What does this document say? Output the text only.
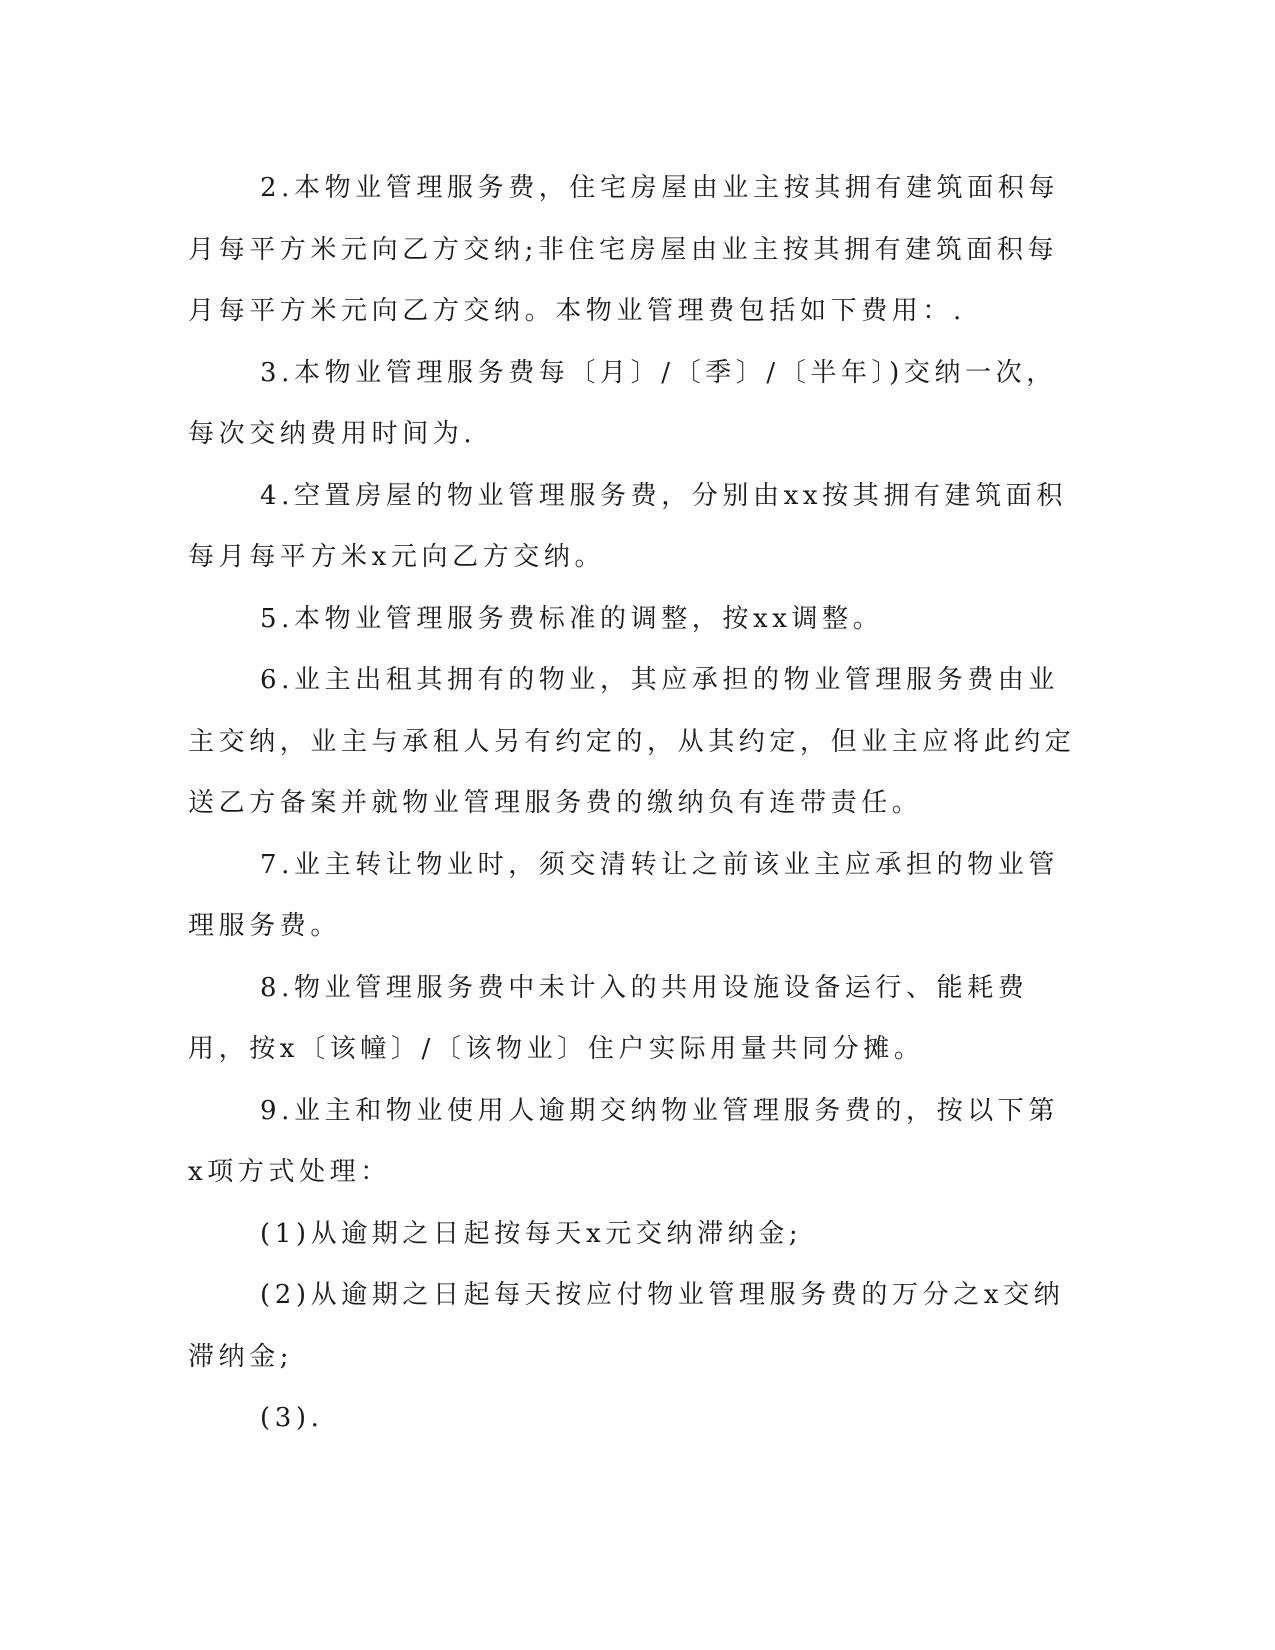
2.本物业管理服务费，住宅房屋由业主按其拥有建筑面积每月每平方米元向乙方交纳;非住宅房屋由业主按其拥有建筑面积每月每平方米元向乙方交纳。本物业管理费包括如下费用：.

3.本物业管理服务费每〔月〕/〔季〕/〔半年〕)交纳一次，每次交纳费用时间为.

4.空置房屋的物业管理服务费，分别由xx按其拥有建筑面积每月每平方米x元向乙方交纳。

5.本物业管理服务费标准的调整，按xx调整。

6.业主出租其拥有的物业，其应承担的物业管理服务费由业主交纳，业主与承租人另有约定的，从其约定，但业主应将此约定送乙方备案并就物业管理服务费的缴纳负有连带责任。

7.业主转让物业时，须交清转让之前该业主应承担的物业管理服务费。

8.物业管理服务费中未计入的共用设施设备运行、能耗费用，按x〔该幢〕/〔该物业〕住户实际用量共同分摊。

9.业主和物业使用人逾期交纳物业管理服务费的，按以下第x项方式处理：

(1)从逾期之日起按每天x元交纳滞纳金;

(2)从逾期之日起每天按应付物业管理服务费的万分之x交纳滞纳金;

(3).
